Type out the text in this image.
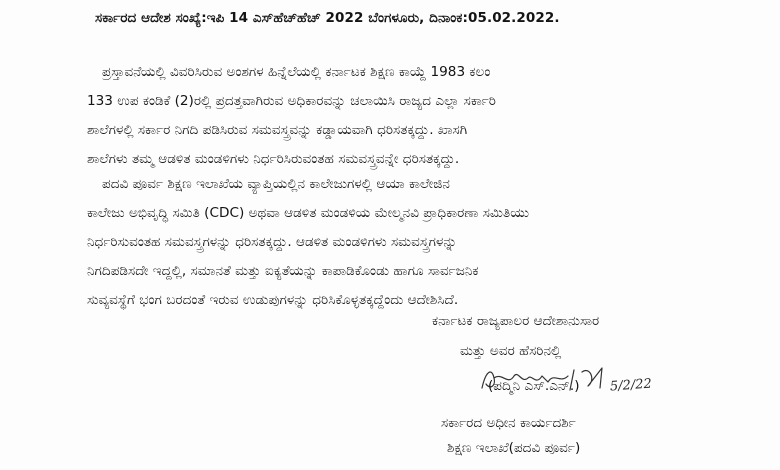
ಸರ್ಕಾರದ ಆದೇಶ ಸಂಖ್ಯೆ:ಇಪಿ 14 ಎಸ್‌ಹೆಚ್‌ಹೆಚ್ 2022 ಬೆಂಗಳೂರು, ದಿನಾಂಕ:05.02.2022.
ಪ್ರಸ್ತಾವನೆಯಲ್ಲಿ ವಿವರಿಸಿರುವ ಅಂಶಗಳ ಹಿನ್ನೆಲೆಯಲ್ಲಿ ಕರ್ನಾಟಕ ಶಿಕ್ಷಣ ಕಾಯ್ದೆ 1983 ಕಲಂ
133 ಉಪ ಕಂಡಿಕೆ (2)ರಲ್ಲಿ ಪ್ರದತ್ತವಾಗಿರುವ ಅಧಿಕಾರವನ್ನು ಚಲಾಯಿಸಿ ರಾಜ್ಯದ ಎಲ್ಲಾ ಸರ್ಕಾರಿ
ಶಾಲೆಗಳಲ್ಲಿ ಸರ್ಕಾರ ನಿಗದಿ ಪಡಿಸಿರುವ ಸಮವಸ್ತ್ರವನ್ನು ಕಡ್ಡಾಯವಾಗಿ ಧರಿಸತಕ್ಕದ್ದು. ಖಾಸಗಿ
ಶಾಲೆಗಳು ತಮ್ಮ ಆಡಳಿತ ಮಂಡಳಿಗಳು ನಿರ್ಧರಿಸಿರುವಂತಹ ಸಮವಸ್ತ್ರವನ್ನೇ ಧರಿಸತಕ್ಕದ್ದು.
ಪದವಿ ಪೂರ್ವ ಶಿಕ್ಷಣ ಇಲಾಖೆಯ ವ್ಯಾಪ್ತಿಯಲ್ಲಿನ ಕಾಲೇಜುಗಳಲ್ಲಿ ಆಯಾ ಕಾಲೇಜಿನ
ಕಾಲೇಜು ಅಭಿವೃದ್ಧಿ ಸಮಿತಿ (CDC) ಅಥವಾ ಆಡಳಿತ ಮಂಡಳಿಯ ಮೇಲ್ಮನವಿ ಪ್ರಾಧಿಕಾರಣಾ ಸಮಿತಿಯು
ನಿರ್ಧರಿಸುವಂತಹ ಸಮವಸ್ತ್ರಗಳನ್ನು ಧರಿಸತಕ್ಕದ್ದು. ಆಡಳಿತ ಮಂಡಳಿಗಳು ಸಮವಸ್ತ್ರಗಳನ್ನು
ನಿಗದಿಪಡಿಸದೇ ಇದ್ದಲ್ಲಿ, ಸಮಾನತೆ ಮತ್ತು ಐಕ್ಯತೆಯನ್ನು ಕಾಪಾಡಿಕೊಂಡು ಹಾಗೂ ಸಾರ್ವಜನಿಕ
ಸುವ್ಯವಸ್ಥೆಗೆ ಭಂಗ ಬರದಂತೆ ಇರುವ ಉಡುಪುಗಳನ್ನು ಧರಿಸಿಕೊಳ್ಳತಕ್ಕದ್ದೆಂದು ಆದೇಶಿಸಿದೆ.
ಕರ್ನಾಟಕ ರಾಜ್ಯಪಾಲರ ಆದೇಶಾನುಸಾರ
ಮತ್ತು ಅವರ ಹೆಸರಿನಲ್ಲಿ
5/2/22
(ಪದ್ಮಿನಿ ಎಸ್.ಎನ್.)
ಸರ್ಕಾರದ ಅಧೀನ ಕಾರ್ಯದರ್ಶಿ
ಶಿಕ್ಷಣ ಇಲಾಖೆ(ಪದವಿ ಪೂರ್ವ)
